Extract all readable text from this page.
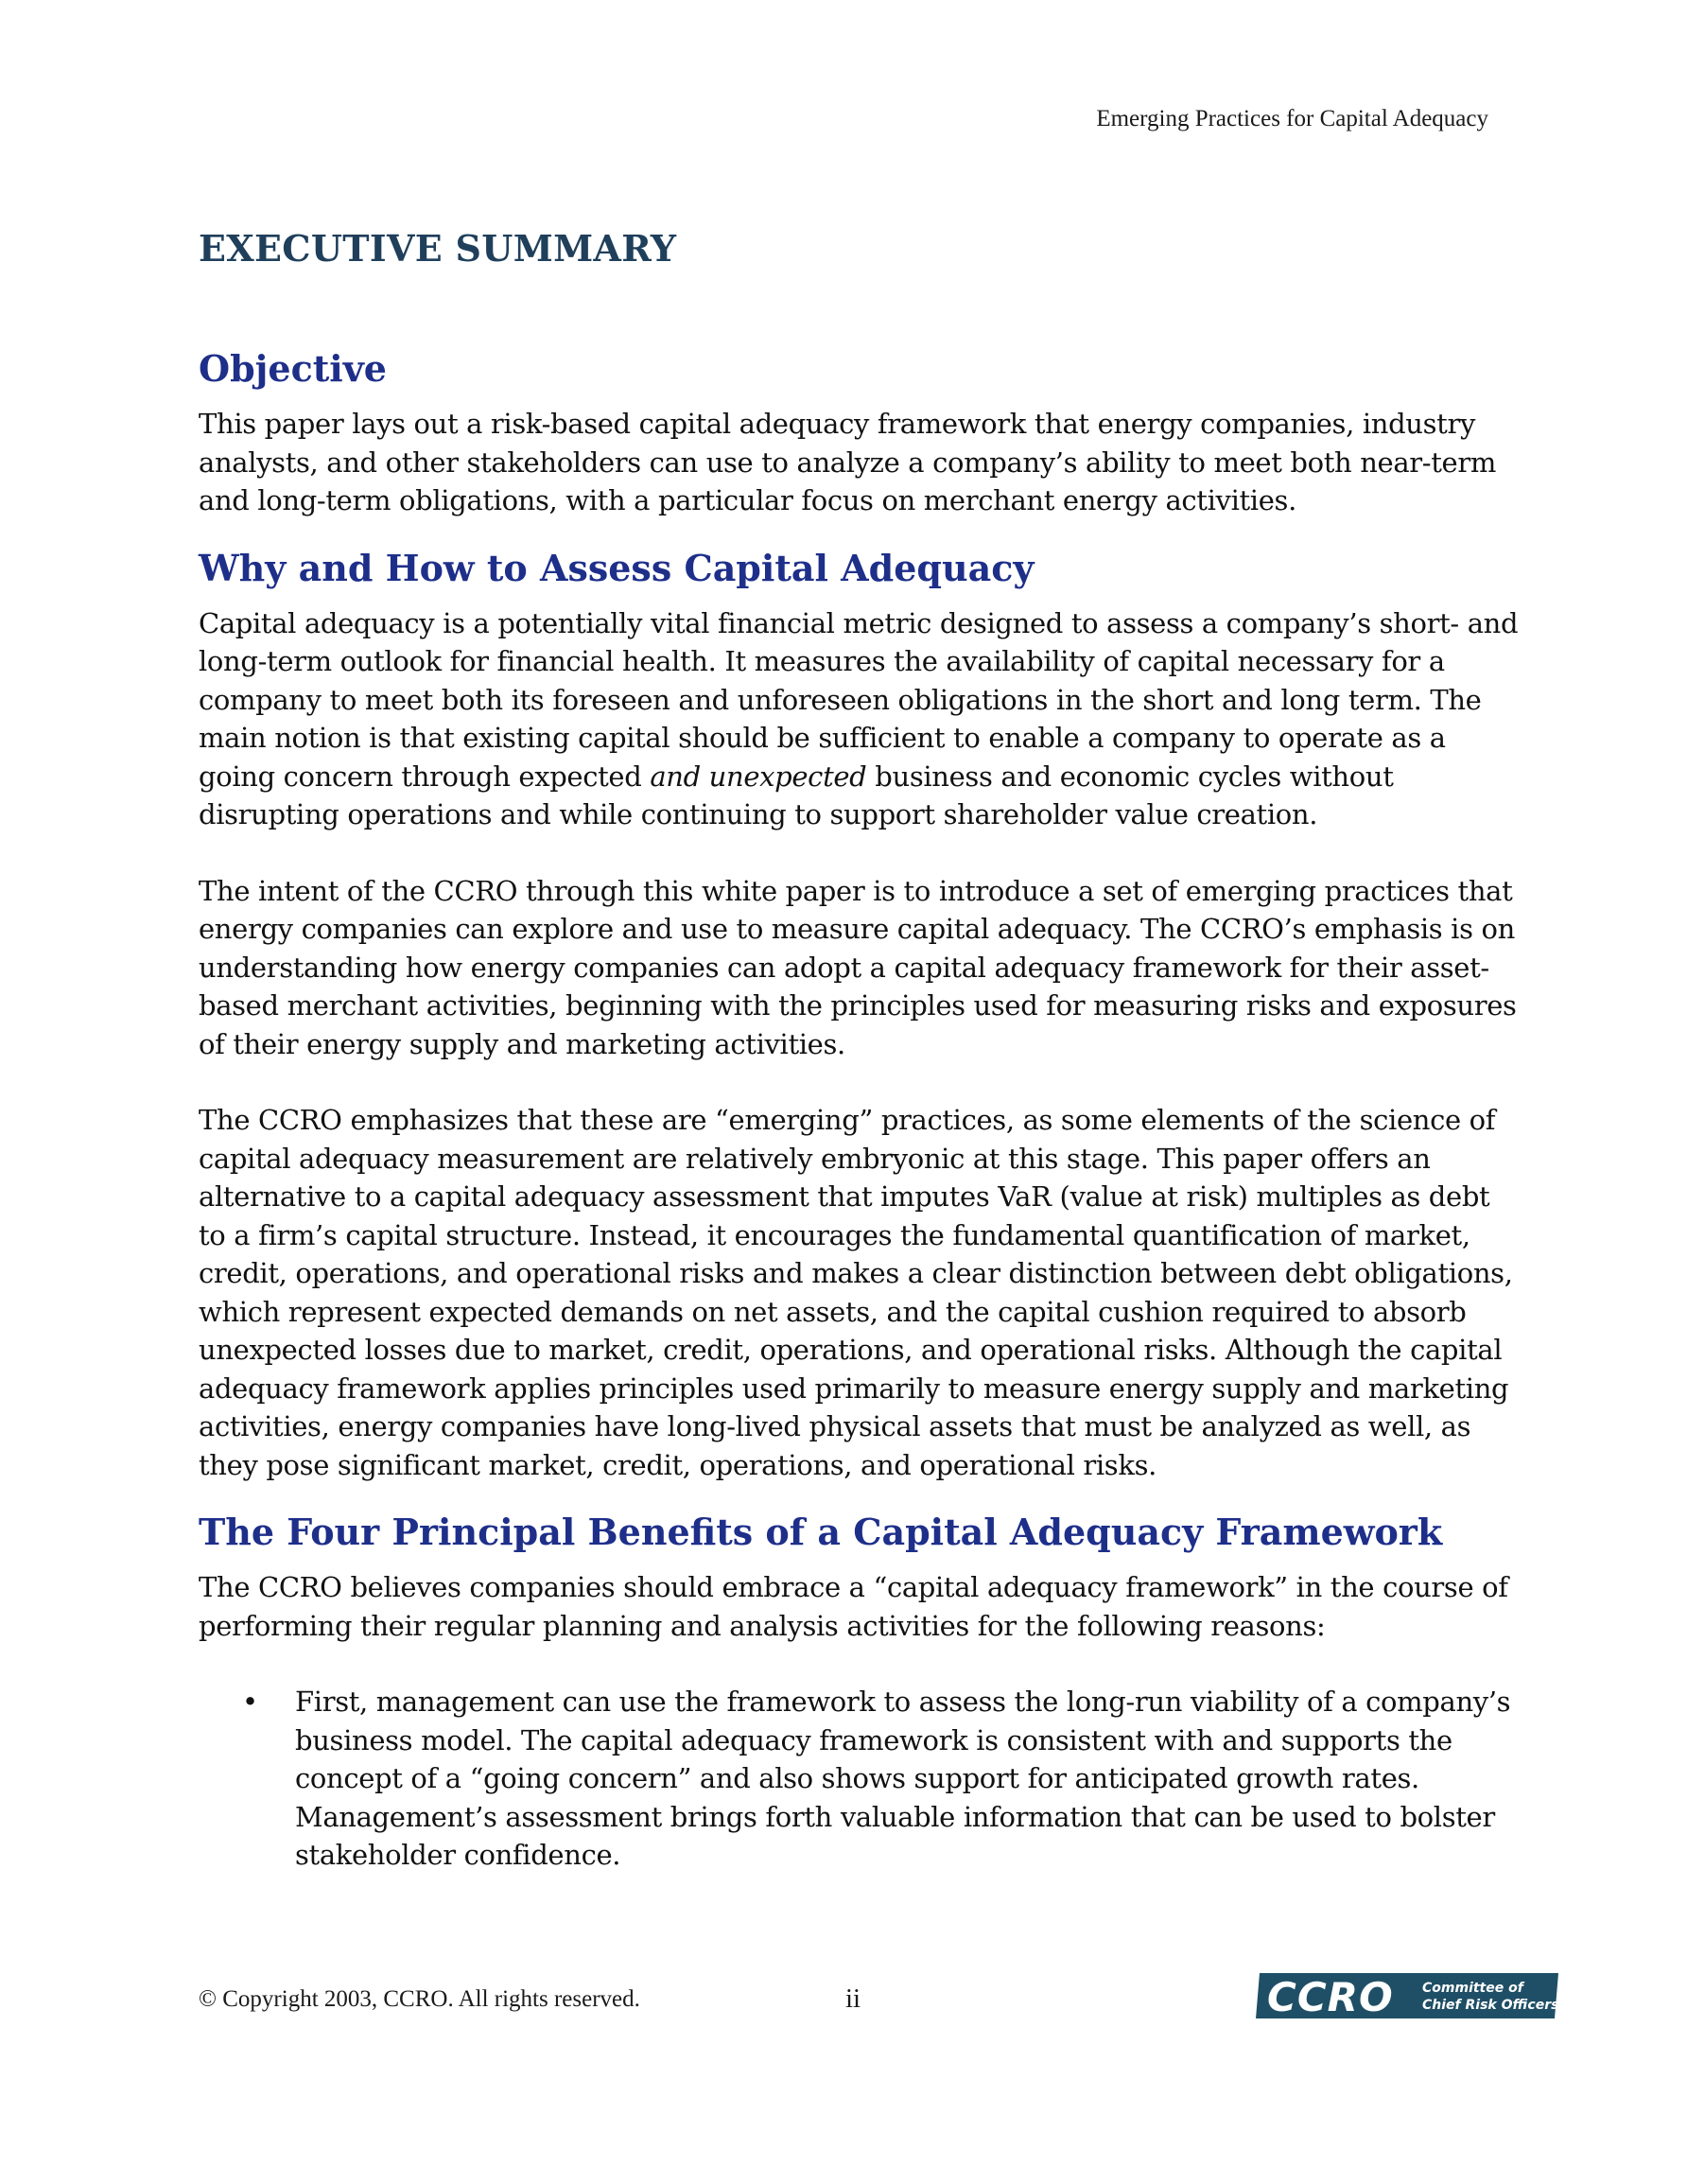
Emerging Practices for Capital Adequacy
EXECUTIVE SUMMARY
Objective

This paper lays out a risk-based capital adequacy framework that energy companies, industry analysts, and other stakeholders can use to analyze a company’s ability to meet both near-term and long-term obligations, with a particular focus on merchant energy activities.

Why and How to Assess Capital Adequacy

Capital adequacy is a potentially vital financial metric designed to assess a company’s short- and long-term outlook for financial health. It measures the availability of capital necessary for a company to meet both its foreseen and unforeseen obligations in the short and long term. The main notion is that existing capital should be sufficient to enable a company to operate as a going concern through expected and unexpected business and economic cycles without disrupting operations and while continuing to support shareholder value creation.

The intent of the CCRO through this white paper is to introduce a set of emerging practices that energy companies can explore and use to measure capital adequacy. The CCRO’s emphasis is on understanding how energy companies can adopt a capital adequacy framework for their asset-based merchant activities, beginning with the principles used for measuring risks and exposures of their energy supply and marketing activities.

The CCRO emphasizes that these are “emerging” practices, as some elements of the science of capital adequacy measurement are relatively embryonic at this stage. This paper offers an alternative to a capital adequacy assessment that imputes VaR (value at risk) multiples as debt to a firm’s capital structure. Instead, it encourages the fundamental quantification of market, credit, operations, and operational risks and makes a clear distinction between debt obligations, which represent expected demands on net assets, and the capital cushion required to absorb unexpected losses due to market, credit, operations, and operational risks. Although the capital adequacy framework applies principles used primarily to measure energy supply and marketing activities, energy companies have long-lived physical assets that must be analyzed as well, as they pose significant market, credit, operations, and operational risks.

The Four Principal Benefits of a Capital Adequacy Framework

The CCRO believes companies should embrace a “capital adequacy framework” in the course of performing their regular planning and analysis activities for the following reasons:

• First, management can use the framework to assess the long-run viability of a company’s business model. The capital adequacy framework is consistent with and supports the concept of a “going concern” and also shows support for anticipated growth rates. Management’s assessment brings forth valuable information that can be used to bolster stakeholder confidence.
© Copyright 2003, CCRO. All rights reserved.	ii	CCRO Committee of
Chief Risk Officers
